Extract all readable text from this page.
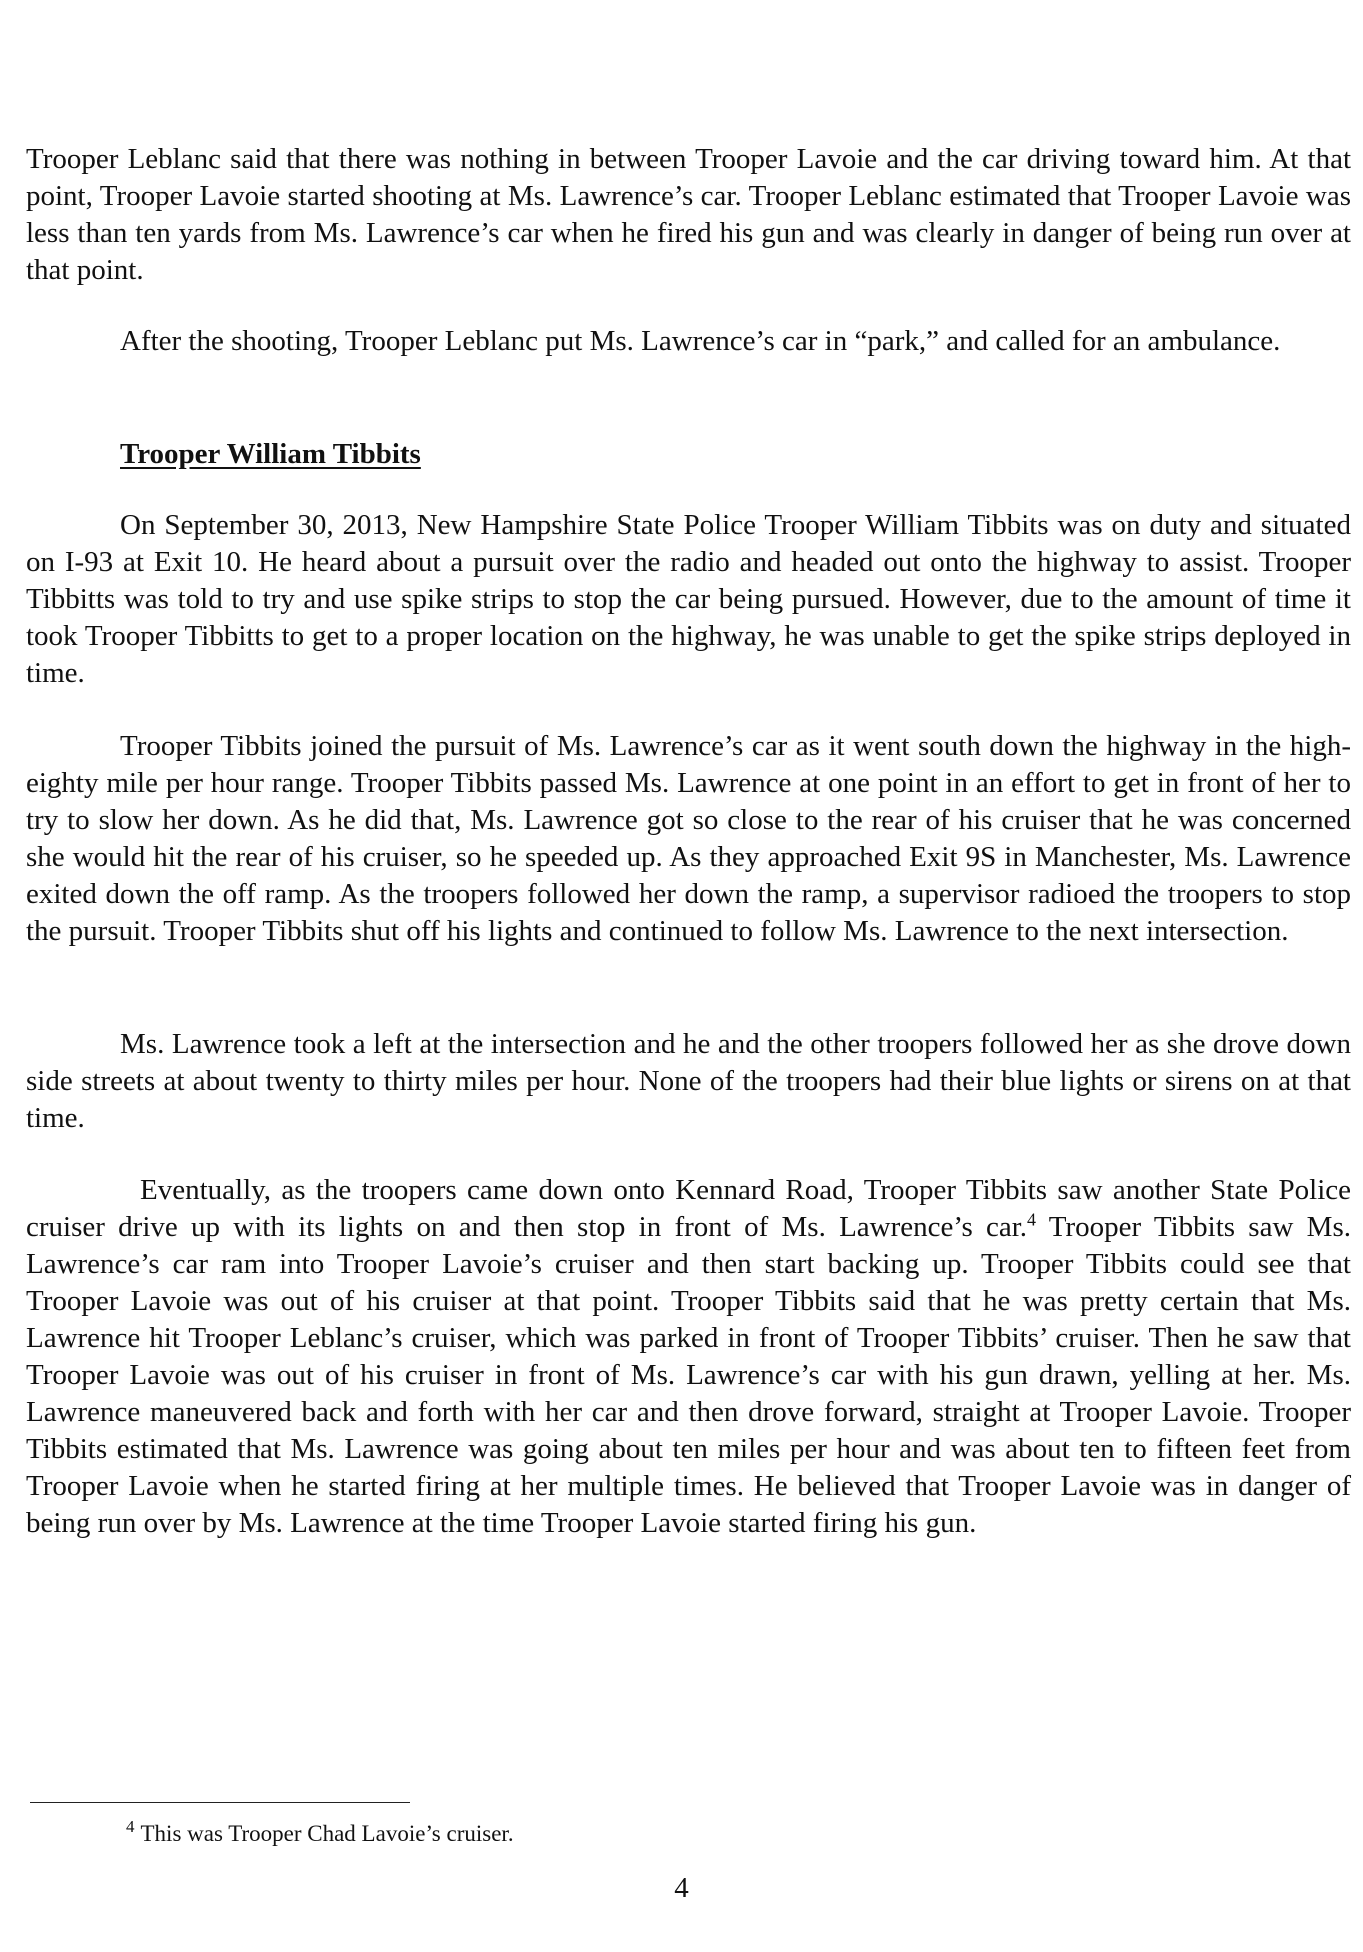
Trooper Leblanc said that there was nothing in between Trooper Lavoie and the car driving toward him. At that point, Trooper Lavoie started shooting at Ms. Lawrence’s car. Trooper Leblanc estimated that Trooper Lavoie was less than ten yards from Ms. Lawrence’s car when he fired his gun and was clearly in danger of being run over at that point.

After the shooting, Trooper Leblanc put Ms. Lawrence’s car in “park,” and called for an ambulance.

Trooper William Tibbits

On September 30, 2013, New Hampshire State Police Trooper William Tibbits was on duty and situated on I-93 at Exit 10. He heard about a pursuit over the radio and headed out onto the highway to assist. Trooper Tibbitts was told to try and use spike strips to stop the car being pursued. However, due to the amount of time it took Trooper Tibbitts to get to a proper location on the highway, he was unable to get the spike strips deployed in time.

Trooper Tibbits joined the pursuit of Ms. Lawrence’s car as it went south down the highway in the high-eighty mile per hour range. Trooper Tibbits passed Ms. Lawrence at one point in an effort to get in front of her to try to slow her down. As he did that, Ms. Lawrence got so close to the rear of his cruiser that he was concerned she would hit the rear of his cruiser, so he speeded up. As they approached Exit 9S in Manchester, Ms. Lawrence exited down the off ramp. As the troopers followed her down the ramp, a supervisor radioed the troopers to stop the pursuit. Trooper Tibbits shut off his lights and continued to follow Ms. Lawrence to the next intersection.

Ms. Lawrence took a left at the intersection and he and the other troopers followed her as she drove down side streets at about twenty to thirty miles per hour. None of the troopers had their blue lights or sirens on at that time.

Eventually, as the troopers came down onto Kennard Road, Trooper Tibbits saw another State Police cruiser drive up with its lights on and then stop in front of Ms. Lawrence’s car.$^4$ Trooper Tibbits saw Ms. Lawrence’s car ram into Trooper Lavoie’s cruiser and then start backing up. Trooper Tibbits could see that Trooper Lavoie was out of his cruiser at that point. Trooper Tibbits said that he was pretty certain that Ms. Lawrence hit Trooper Leblanc’s cruiser, which was parked in front of Trooper Tibbits’ cruiser. Then he saw that Trooper Lavoie was out of his cruiser in front of Ms. Lawrence’s car with his gun drawn, yelling at her. Ms. Lawrence maneuvered back and forth with her car and then drove forward, straight at Trooper Lavoie. Trooper Tibbits estimated that Ms. Lawrence was going about ten miles per hour and was about ten to fifteen feet from Trooper Lavoie when he started firing at her multiple times. He believed that Trooper Lavoie was in danger of being run over by Ms. Lawrence at the time Trooper Lavoie started firing his gun.

$^4$ This was Trooper Chad Lavoie’s cruiser.

4
